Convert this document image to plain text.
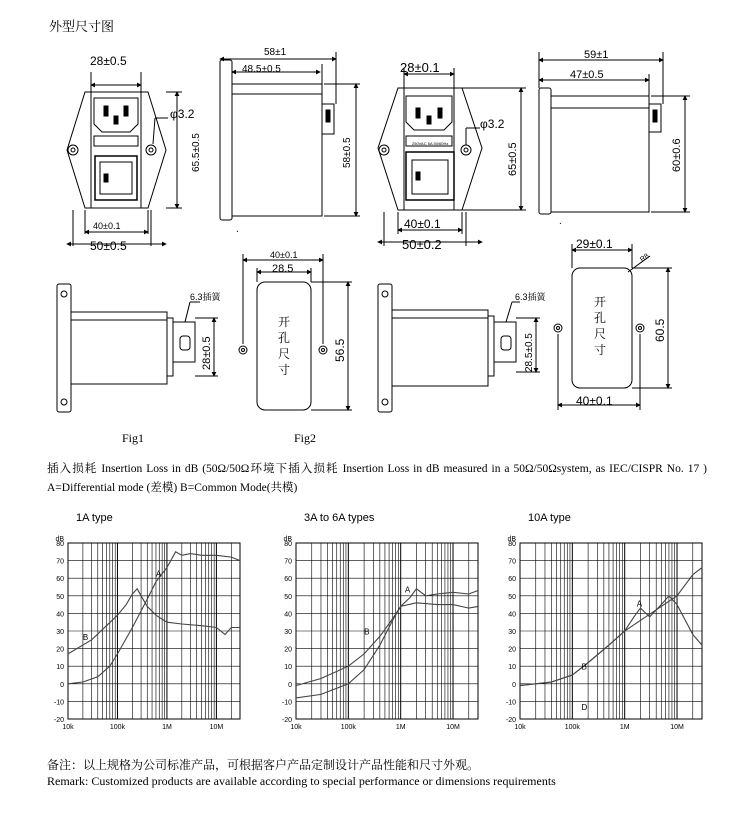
外型尺寸图
28±0.5
φ3.2
65.5±0.5
40±0.1
50±0.5
58±1
48.5±0.5
58±0.5
.
28±0.1
φ3.2
250VAC 6A 50/60Hz	65±0.5
40±0.1
50±0.2
59±1
47±0.5
60±0.6
.
6.3插簧
28±0.5
40±0.1
28.5
56.5
开
孔
尺
寸
6.3插簧
28.5±0.5
29±0.1
R8
60.5
40±0.1
开
孔
尺
寸
Fig1	Fig2
插入损耗 Insertion Loss in dB (50Ω/50Ω环境下插入损耗 Insertion Loss in dB measured in a 50Ω/50Ωsystem, as IEC/CISPR No. 17 ) A=Differential mode (差模) B=Common Mode(共模)
1A type
80
70
60
50
40
30
20
10
0
-10
-20
dB
10k	100k	1M	10M
A
B
3A to 6A types
80
70
60
50
40
30
20
10
0
-10
-20
dB
10k	100k	1M	10M
A
B
10A type
80
70
60
50
40
30
20
10
0
-10
-20
dB
10k	100k	1M	10M
A
B
D
备注：以上规格为公司标准产品，可根据客户产品定制设计产品性能和尺寸外观。
Remark: Customized products are available according to special performance or dimensions requirements
